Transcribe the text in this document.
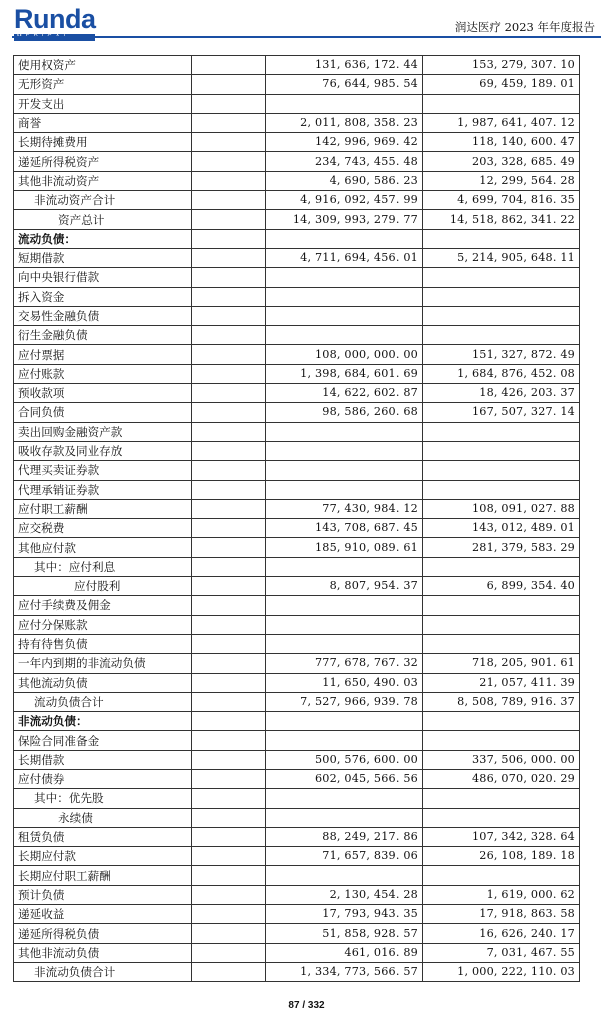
Runda	润达医疗 2023 年年度报告
使用权资产		131, 636, 172. 44	153, 279, 307. 10
无形资产		76, 644, 985. 54	69, 459, 189. 01
开发支出			
商誉		2, 011, 808, 358. 23	1, 987, 641, 407. 12
长期待摊费用		142, 996, 969. 42	118, 140, 600. 47
递延所得税资产		234, 743, 455. 48	203, 328, 685. 49
其他非流动资产		4, 690, 586. 23	12, 299, 564. 28
非流动资产合计		4, 916, 092, 457. 99	4, 699, 704, 816. 35
资产总计		14, 309, 993, 279. 77	14, 518, 862, 341. 22
流动负债：			
短期借款		4, 711, 694, 456. 01	5, 214, 905, 648. 11
向中央银行借款			
拆入资金			
交易性金融负债			
衍生金融负债			
应付票据		108, 000, 000. 00	151, 327, 872. 49
应付账款		1, 398, 684, 601. 69	1, 684, 876, 452. 08
预收款项		14, 622, 602. 87	18, 426, 203. 37
合同负债		98, 586, 260. 68	167, 507, 327. 14
卖出回购金融资产款			
吸收存款及同业存放			
代理买卖证券款			
代理承销证券款			
应付职工薪酬		77, 430, 984. 12	108, 091, 027. 88
应交税费		143, 708, 687. 45	143, 012, 489. 01
其他应付款		185, 910, 089. 61	281, 379, 583. 29
其中：应付利息			
应付股利		8, 807, 954. 37	6, 899, 354. 40
应付手续费及佣金			
应付分保账款			
持有待售负债			
一年内到期的非流动负债		777, 678, 767. 32	718, 205, 901. 61
其他流动负债		11, 650, 490. 03	21, 057, 411. 39
流动负债合计		7, 527, 966, 939. 78	8, 508, 789, 916. 37
非流动负债：			
保险合同准备金			
长期借款		500, 576, 600. 00	337, 506, 000. 00
应付债券		602, 045, 566. 56	486, 070, 020. 29
其中：优先股			
永续债			
租赁负债		88, 249, 217. 86	107, 342, 328. 64
长期应付款		71, 657, 839. 06	26, 108, 189. 18
长期应付职工薪酬			
预计负债		2, 130, 454. 28	1, 619, 000. 62
递延收益		17, 793, 943. 35	17, 918, 863. 58
递延所得税负债		51, 858, 928. 57	16, 626, 240. 17
其他非流动负债		461, 016. 89	7, 031, 467. 55
非流动负债合计		1, 334, 773, 566. 57	1, 000, 222, 110. 03
87 / 332
